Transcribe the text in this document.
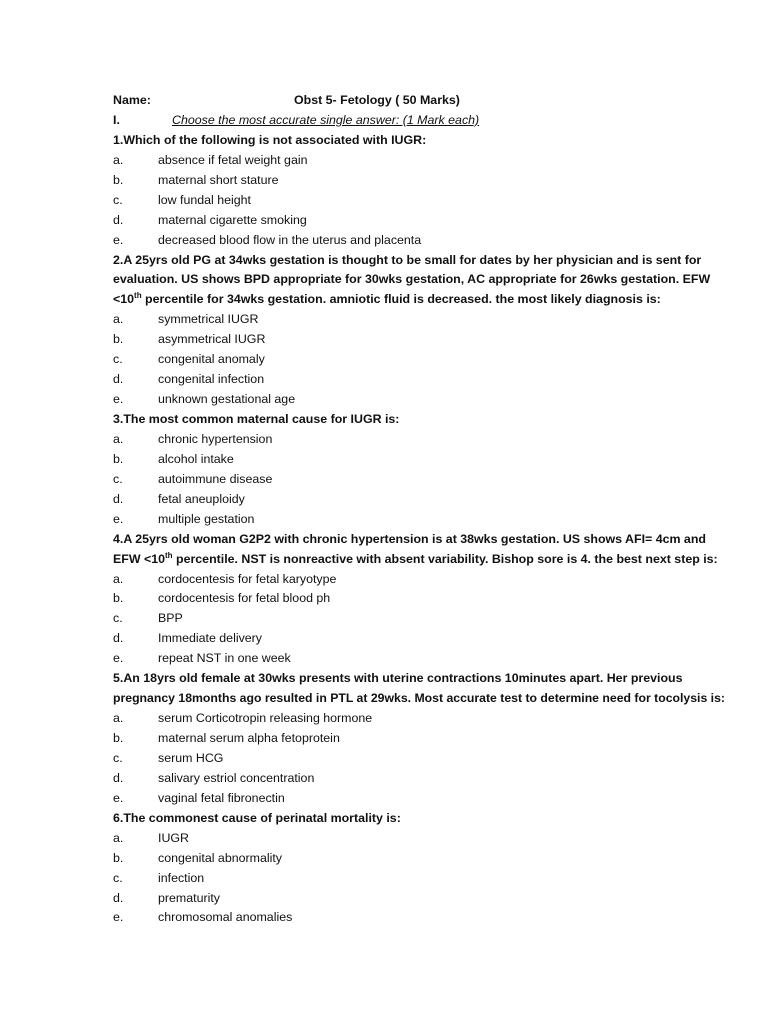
Name:	Obst 5- Fetology ( 50 Marks)
I.	Choose the most accurate single answer: (1 Mark each)
1.Which of the following is not associated with IUGR:
a.	absence if fetal weight gain
b.	maternal short stature
c.	low fundal height
d.	maternal cigarette smoking
e.	decreased blood flow in the uterus and placenta
2.A 25yrs old PG at 34wks gestation is thought to be small for dates by her physician and is sent for
evaluation. US shows BPD appropriate for 30wks gestation, AC appropriate for 26wks gestation. EFW
<10th percentile for 34wks gestation. amniotic fluid is decreased. the most likely diagnosis is:
a.	symmetrical IUGR
b.	asymmetrical IUGR
c.	congenital anomaly
d.	congenital infection
e.	unknown gestational age
3.The most common maternal cause for IUGR is:
a.	chronic hypertension
b.	alcohol intake
c.	autoimmune disease
d.	fetal aneuploidy
e.	multiple gestation
4.A 25yrs old woman G2P2 with chronic hypertension is at 38wks gestation. US shows AFI= 4cm and
EFW <10th percentile. NST is nonreactive with absent variability. Bishop sore is 4. the best next step is:
a.	cordocentesis for fetal karyotype
b.	cordocentesis for fetal blood ph
c.	BPP
d.	Immediate delivery
e.	repeat NST in one week
5.An 18yrs old female at 30wks presents with uterine contractions 10minutes apart. Her previous
pregnancy 18months ago resulted in PTL at 29wks. Most accurate test to determine need for tocolysis is:
a.	serum Corticotropin releasing hormone
b.	maternal serum alpha fetoprotein
c.	serum HCG
d.	salivary estriol concentration
e.	vaginal fetal fibronectin
6.The commonest cause of perinatal mortality is:
a.	IUGR
b.	congenital abnormality
c.	infection
d.	prematurity
e.	chromosomal anomalies
